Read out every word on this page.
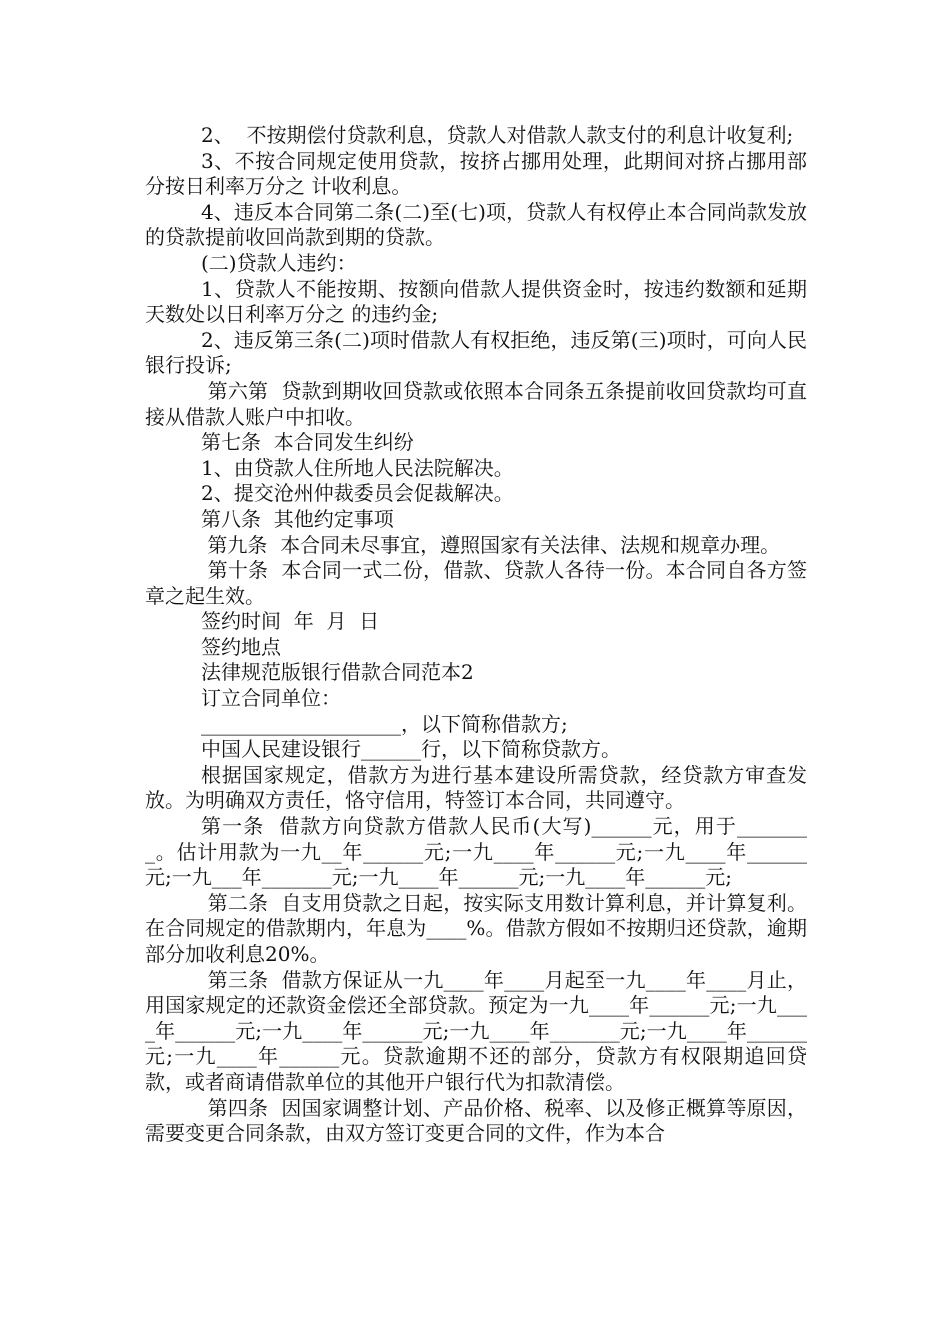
2、  不按期偿付贷款利息，贷款人对借款人款支付的利息计收复利;

3、不按合同规定使用贷款，按挤占挪用处理，此期间对挤占挪用部分按日利率万分之 计收利息。

4、违反本合同第二条(二)至(七)项，贷款人有权停止本合同尚款发放的贷款提前收回尚款到期的贷款。

(二)贷款人违约：

1、贷款人不能按期、按额向借款人提供资金时，按违约数额和延期天数处以日利率万分之 的违约金;

2、违反第三条(二)项时借款人有权拒绝，违反第(三)项时，可向人民银行投诉;

第六第  贷款到期收回贷款或依照本合同条五条提前收回贷款均可直接从借款人账户中扣收。

第七条  本合同发生纠纷

1、由贷款人住所地人民法院解决。

2、提交沧州仲裁委员会促裁解决。

第八条  其他约定事项

第九条  本合同未尽事宜，遵照国家有关法律、法规和规章办理。

第十条  本合同一式二份，借款、贷款人各待一份。本合同自各方签章之起生效。

签约时间  年  月  日

签约地点

法律规范版银行借款合同范本2

订立合同单位：

____________________，以下简称借款方;

中国人民建设银行______行，以下简称贷款方。

根据国家规定，借款方为进行基本建设所需贷款，经贷款方审查发放。为明确双方责任，恪守信用，特签订本合同，共同遵守。

第一条  借款方向贷款方借款人民币(大写)______元，用于________。估计用款为一九__年______元;一九____年______元;一九____年______元;一九___年_______元;一九____年______元;一九____年______元;

第二条  自支用贷款之日起，按实际支用数计算利息，并计算复利。在合同规定的借款期内，年息为____%。借款方假如不按期归还贷款，逾期部分加收利息20%。

第三条  借款方保证从一九____年____月起至一九____年____月止，用国家规定的还款资金偿还全部贷款。预定为一九____年______元;一九____年______元;一九____年______元;一九____年_______元;一九____年______元;一九____年______元。贷款逾期不还的部分，贷款方有权限期追回贷款，或者商请借款单位的其他开户银行代为扣款清偿。

第四条  因国家调整计划、产品价格、税率、以及修正概算等原因，需要变更合同条款，由双方签订变更合同的文件，作为本合
